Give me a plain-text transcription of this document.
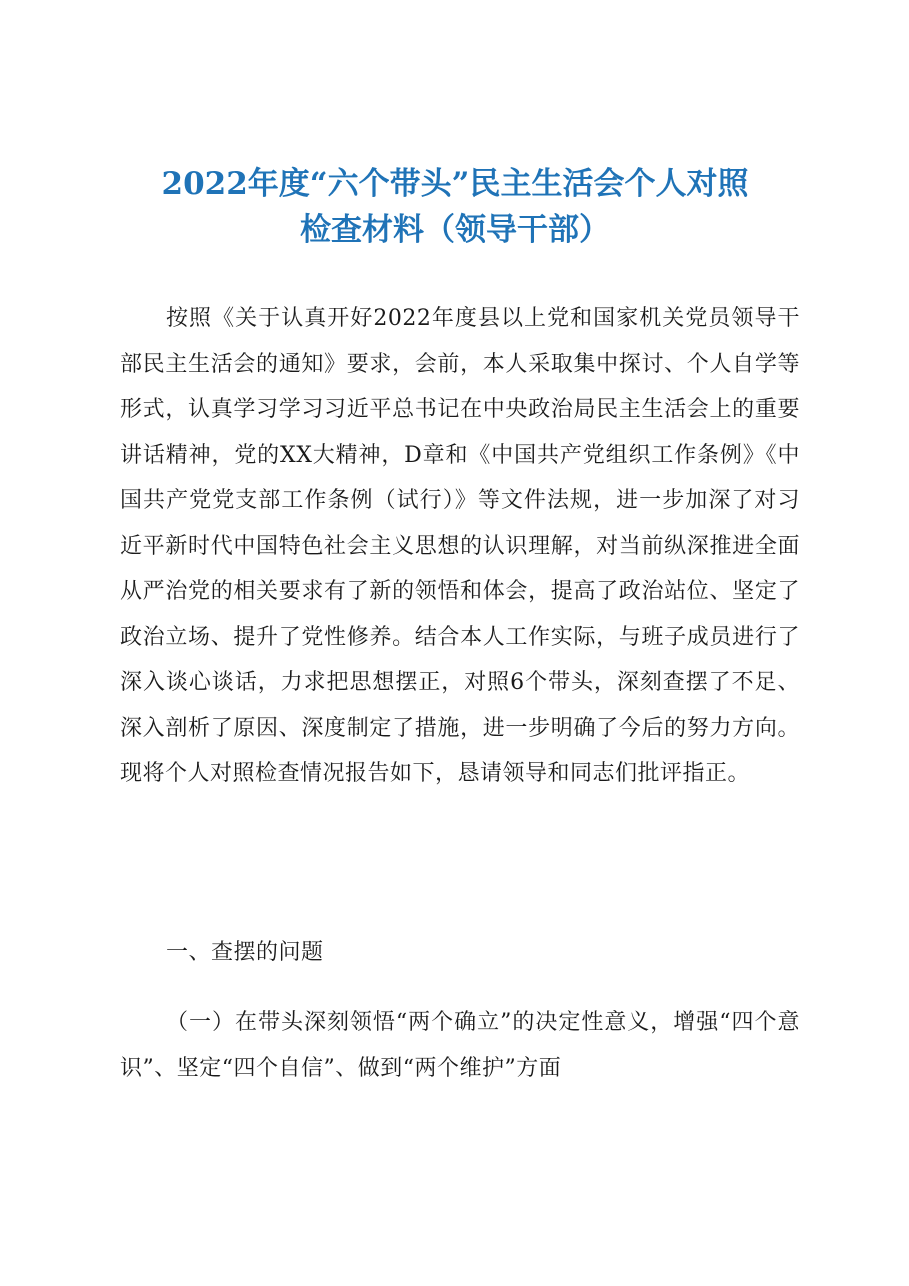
2022年度“六个带头”民主生活会个人对照
检查材料（领导干部）

按照《关于认真开好2022年度县以上党和国家机关党员领导干部民主生活会的通知》要求，会前，本人采取集中探讨、个人自学等形式，认真学习学习习近平总书记在中央政治局民主生活会上的重要讲话精神，党的XX大精神，D章和《中国共产党组织工作条例》《中国共产党党支部工作条例（试行）》等文件法规，进一步加深了对习近平新时代中国特色社会主义思想的认识理解，对当前纵深推进全面从严治党的相关要求有了新的领悟和体会，提高了政治站位、坚定了政治立场、提升了党性修养。结合本人工作实际，与班子成员进行了深入谈心谈话，力求把思想摆正，对照6个带头，深刻查摆了不足、深入剖析了原因、深度制定了措施，进一步明确了今后的努力方向。现将个人对照检查情况报告如下，恳请领导和同志们批评指正。

一、查摆的问题

（一）在带头深刻领悟“两个确立”的决定性意义，增强“四个意识”、坚定“四个自信”、做到“两个维护”方面
